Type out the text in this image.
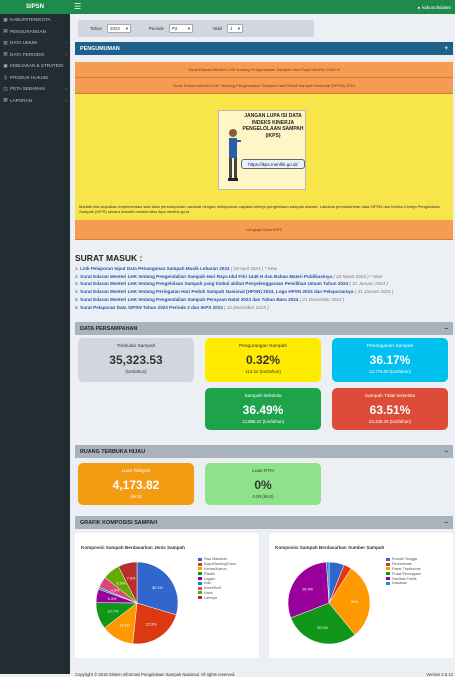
SIPSN
▦ KABUPATEN/KOTA
▤ PENGURANGAN
▥ DATA UMUM	‹
▥ DATA PERIODIK	‹
▣ KEBIJAKAN & STRATEGI
§ PRODUK HUKUM
◫ PETA SEBARAN	‹
▧ LAPORAN	‹
☰	● kabunofsdatier
Tahun	2023 ▾	Periode	P2 ▾	Valid	1 ▾
PENGUMUMAN	+
Surat Edaran Menteri LHK tentang Pengendalian Sampah Hari Raya Idul Fitri 1445 H
Surat Edaran Menteri LHK Tentang Pengendalian Sampah Hari Peduli Sampah Nasional (HPSN) 2024
JANGAN LUPA ISI DATA INDEKS KINERJA PENGELOLAAN SAMPAH (IKPS)
https://ikps.menlhk.go.id/
Marilah kita wujudkan implementasi satu data persampahan nasional dengan melaporkan capaian kinerja pengelolaan sampah daerah. Lakukan pemutakhiran data SIPSN dan Indeks Kinerja Pengelolaan Sampah (IKPS) secara mandiri melalui situs ikps.menlhk.go.id.
Lengkapi Data IKPS
SURAT MASUK :
1. Link Pelaporan Input Data Penanganan Sampah Musik Lebaran 2024 ( 18 April 2024 ) * New
2. Surat Edaran Menteri LHK tentang Pengendalian Sampah Hari Raya Idul Fitri 1445 H dan Bahan Materi Publikasinya ( 26 Maret 2024 ) * New
3. Surat Edaran Menteri LHK tentang Pengelolaan Sampah yang timbul akibat Penyelenggaraan Pemilihan Umum Tahun 2024 ( 31 Januari 2024 )
4. Surat Edaran Menteri LHK tentang Peringatan Hari Peduli Sampah Nasional (HPSN) 2024, Logo HPSN 2024 dan Pelaporannya ( 31 Januari 2024 )
5. Surat Edaran Menteri LHK tentang Pengendalian Sampah Perayaan Natal 2023 dan Tahun Baru 2024 ( 21 Desember 2023 )
6. Surat Pelaporan Data SIPSN Tahun 2023 Periode 2 dan IKPS 2023 ( 12 Desember 2023 )
DATA PERSAMPAHAN	–
Timbulan Sampah
35,323.53
(ton/tahun)
Pengurangan Sampah
0.32%
113.24 (ton/tahun)
Penanganan Sampah
36.17%
12,775.00 (ton/tahun)
Sampah terkelola
36.49%
12,888.24 (ton/tahun)
Sampah Tidak terkelola
63.51%
22,435.29 (ton/tahun)
RUANG TERBUKA HIJAU	–
Luas Wilayah
4,173.82
(km2)
Luas RTH
0%
0.00 (km2)
GRAFIK KOMPOSISI SAMPAH	–
Komposisi Sampah Berdasarkan Jenis Sampah
30.1%
22.3%
13.1%
10.7%
5.4%
4.5%
6.9%
7.6%
Sisa Makanan
Kayu/Ranting/Daun
Kertas/Karton
Plastik
Logam
Kain
Karet/Kulit
Kaca
Lainnya
Komposisi Sampah Berdasarkan Sumber Sampah
30%
30.0%
29.9%
Rumah Tangga
Perkantoran
Pasar Tradisional
Pusat Perniagaan
Fasilitas Publik
Kawasan
Copyright © 2018 Sistem Informasi Pengelolaan Sampah Nasional. All rights reserved.	Version 2.5.12
